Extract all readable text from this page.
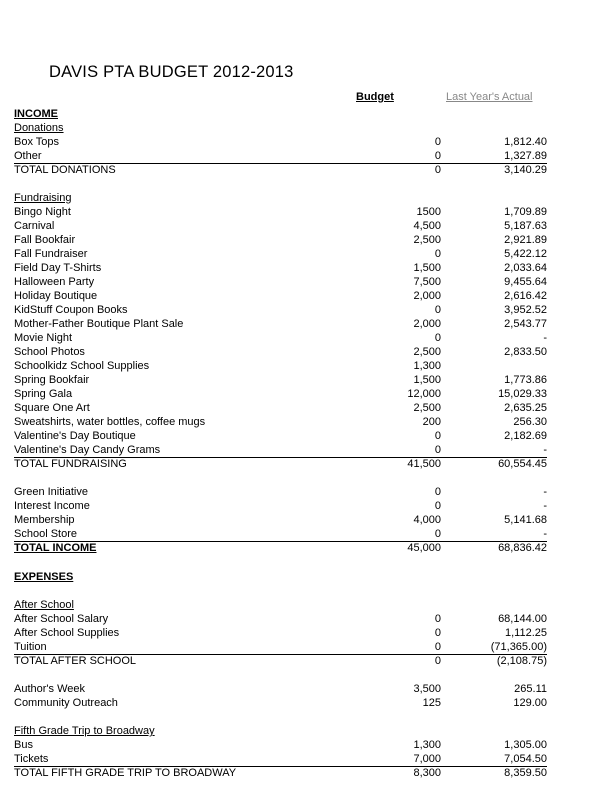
DAVIS PTA BUDGET 2012-2013
Budget	Last Year's Actual
INCOME
Donations
Box Tops	0	1,812.40
Other	0	1,327.89
TOTAL DONATIONS	0	3,140.29
Fundraising
Bingo Night	1500	1,709.89
Carnival	4,500	5,187.63
Fall Bookfair	2,500	2,921.89
Fall Fundraiser	0	5,422.12
Field Day T-Shirts	1,500	2,033.64
Halloween Party	7,500	9,455.64
Holiday Boutique	2,000	2,616.42
KidStuff Coupon Books	0	3,952.52
Mother-Father Boutique Plant Sale	2,000	2,543.77
Movie Night	0	-
School Photos	2,500	2,833.50
Schoolkidz School Supplies	1,300
Spring Bookfair	1,500	1,773.86
Spring Gala	12,000	15,029.33
Square One Art	2,500	2,635.25
Sweatshirts, water bottles, coffee mugs	200	256.30
Valentine's Day Boutique	0	2,182.69
Valentine's Day Candy Grams	0	-
TOTAL FUNDRAISING	41,500	60,554.45
Green Initiative	0	-
Interest Income	0	-
Membership	4,000	5,141.68
School Store	0	-
TOTAL INCOME	45,000	68,836.42
EXPENSES
After School
After School Salary	0	68,144.00
After School Supplies	0	1,112.25
Tuition	0	(71,365.00)
TOTAL AFTER SCHOOL	0	(2,108.75)
Author's Week	3,500	265.11
Community Outreach	125	129.00
Fifth Grade Trip to Broadway
Bus	1,300	1,305.00
Tickets	7,000	7,054.50
TOTAL FIFTH GRADE TRIP TO BROADWAY	8,300	8,359.50
